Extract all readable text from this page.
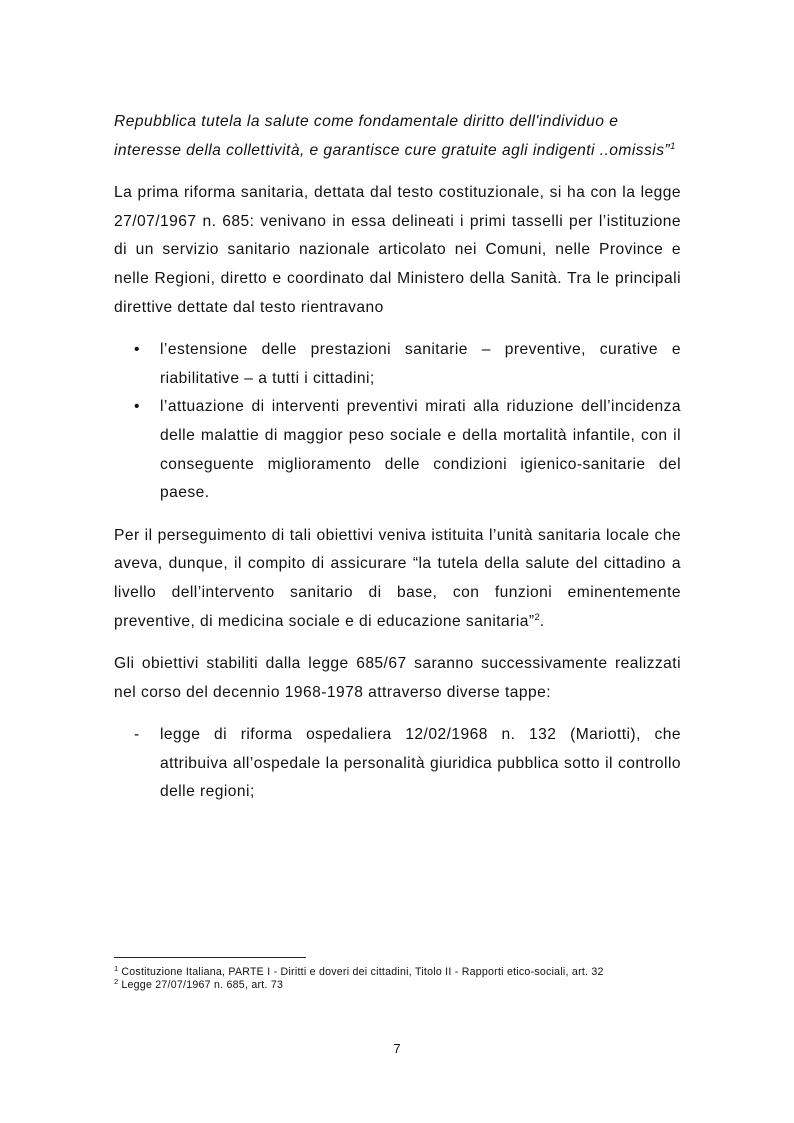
Repubblica tutela la salute come fondamentale diritto dell'individuo e interesse della collettività, e garantisce cure gratuite agli indigenti ..omissis”$^1$

La prima riforma sanitaria, dettata dal testo costituzionale, si ha con la legge 27/07/1967 n. 685: venivano in essa delineati i primi tasselli per l’istituzione di un servizio sanitario nazionale articolato nei Comuni, nelle Province e nelle Regioni, diretto e coordinato dal Ministero della Sanità. Tra le principali direttive dettate dal testo rientravano

• l’estensione delle prestazioni sanitarie – preventive, curative e riabilitative – a tutti i cittadini;

• l’attuazione di interventi preventivi mirati alla riduzione dell’incidenza delle malattie di maggior peso sociale e della mortalità infantile, con il conseguente miglioramento delle condizioni igienico-sanitarie del paese.

Per il perseguimento di tali obiettivi veniva istituita l’unità sanitaria locale che aveva, dunque, il compito di assicurare “la tutela della salute del cittadino a livello dell’intervento sanitario di base, con funzioni eminentemente preventive, di medicina sociale e di educazione sanitaria”$^2$.

Gli obiettivi stabiliti dalla legge 685/67 saranno successivamente realizzati nel corso del decennio 1968-1978 attraverso diverse tappe:

- legge di riforma ospedaliera 12/02/1968 n. 132 (Mariotti), che attribuiva all’ospedale la personalità giuridica pubblica sotto il controllo delle regioni;

$^1$ Costituzione Italiana, PARTE I - Diritti e doveri dei cittadini, Titolo II - Rapporti etico-sociali, art. 32

$^2$ Legge 27/07/1967 n. 685, art. 73

7
